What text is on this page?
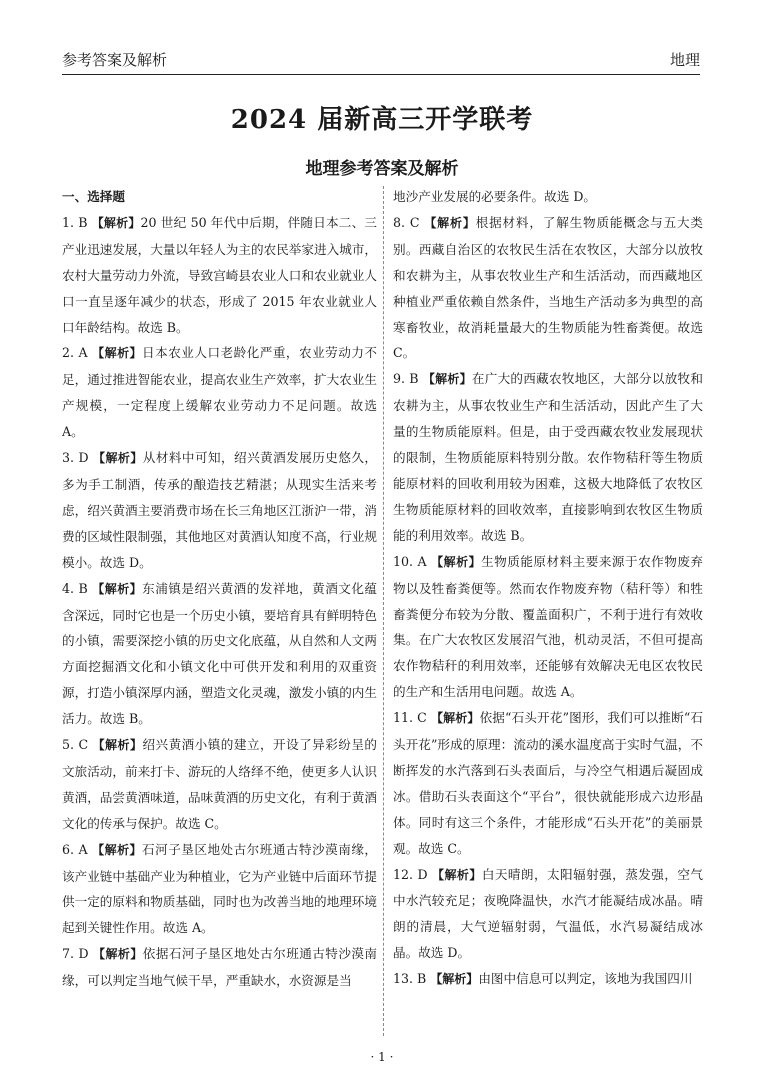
参考答案及解析	地理
2024 届新高三开学联考
地理参考答案及解析

一、选择题

1. B 【解析】20 世纪 50 年代中后期，伴随日本二、三产业迅速发展，大量以年轻人为主的农民举家进入城市，农村大量劳动力外流，导致宫崎县农业人口和农业就业人口一直呈逐年减少的状态，形成了 2015 年农业就业人口年龄结构。故选 B。

2. A 【解析】日本农业人口老龄化严重，农业劳动力不足，通过推进智能农业，提高农业生产效率，扩大农业生产规模，一定程度上缓解农业劳动力不足问题。故选 A。

3. D 【解析】从材料中可知，绍兴黄酒发展历史悠久，多为手工制酒，传承的酿造技艺精湛；从现实生活来考虑，绍兴黄酒主要消费市场在长三角地区江浙沪一带，消费的区域性限制强，其他地区对黄酒认知度不高，行业规模小。故选 D。

4. B 【解析】东浦镇是绍兴黄酒的发祥地，黄酒文化蕴含深远，同时它也是一个历史小镇，要培育具有鲜明特色的小镇，需要深挖小镇的历史文化底蕴，从自然和人文两方面挖掘酒文化和小镇文化中可供开发和利用的双重资源，打造小镇深厚内涵，塑造文化灵魂，激发小镇的内生活力。故选 B。

5. C 【解析】绍兴黄酒小镇的建立，开设了异彩纷呈的文旅活动，前来打卡、游玩的人络绎不绝，使更多人认识黄酒，品尝黄酒味道，品味黄酒的历史文化，有利于黄酒文化的传承与保护。故选 C。

6. A 【解析】石河子垦区地处古尔班通古特沙漠南缘，该产业链中基础产业为种植业，它为产业链中后面环节提供一定的原料和物质基础，同时也为改善当地的地理环境起到关键性作用。故选 A。

7. D 【解析】依据石河子垦区地处古尔班通古特沙漠南缘，可以判定当地气候干旱，严重缺水，水资源是当

地沙产业发展的必要条件。故选 D。

8. C 【解析】根据材料，了解生物质能概念与五大类别。西藏自治区的农牧民生活在农牧区，大部分以放牧和农耕为主，从事农牧业生产和生活活动，而西藏地区种植业严重依赖自然条件，当地生产活动多为典型的高寒畜牧业，故消耗量最大的生物质能为牲畜粪便。故选 C。

9. B 【解析】在广大的西藏农牧地区，大部分以放牧和农耕为主，从事农牧业生产和生活活动，因此产生了大量的生物质能原料。但是，由于受西藏农牧业发展现状的限制，生物质能原料特别分散。农作物秸秆等生物质能原材料的回收利用较为困难，这极大地降低了农牧区生物质能原材料的回收效率，直接影响到农牧区生物质能的利用效率。故选 B。

10. A 【解析】生物质能原材料主要来源于农作物废弃物以及牲畜粪便等。然而农作物废弃物（秸秆等）和牲畜粪便分布较为分散、覆盖面积广，不利于进行有效收集。在广大农牧区发展沼气池，机动灵活，不但可提高农作物秸秆的利用效率，还能够有效解决无电区农牧民的生产和生活用电问题。故选 A。

11. C 【解析】依据“石头开花”图形，我们可以推断“石头开花”形成的原理：流动的溪水温度高于实时气温，不断挥发的水汽落到石头表面后，与冷空气相遇后凝固成冰。借助石头表面这个“平台”，很快就能形成六边形晶体。同时有这三个条件，才能形成“石头开花”的美丽景观。故选 C。

12. D 【解析】白天晴朗，太阳辐射强，蒸发强，空气中水汽较充足；夜晚降温快，水汽才能凝结成冰晶。晴朗的清晨，大气逆辐射弱，气温低，水汽易凝结成冰晶。故选 D。

13. B 【解析】由图中信息可以判定，该地为我国四川

· 1 ·
